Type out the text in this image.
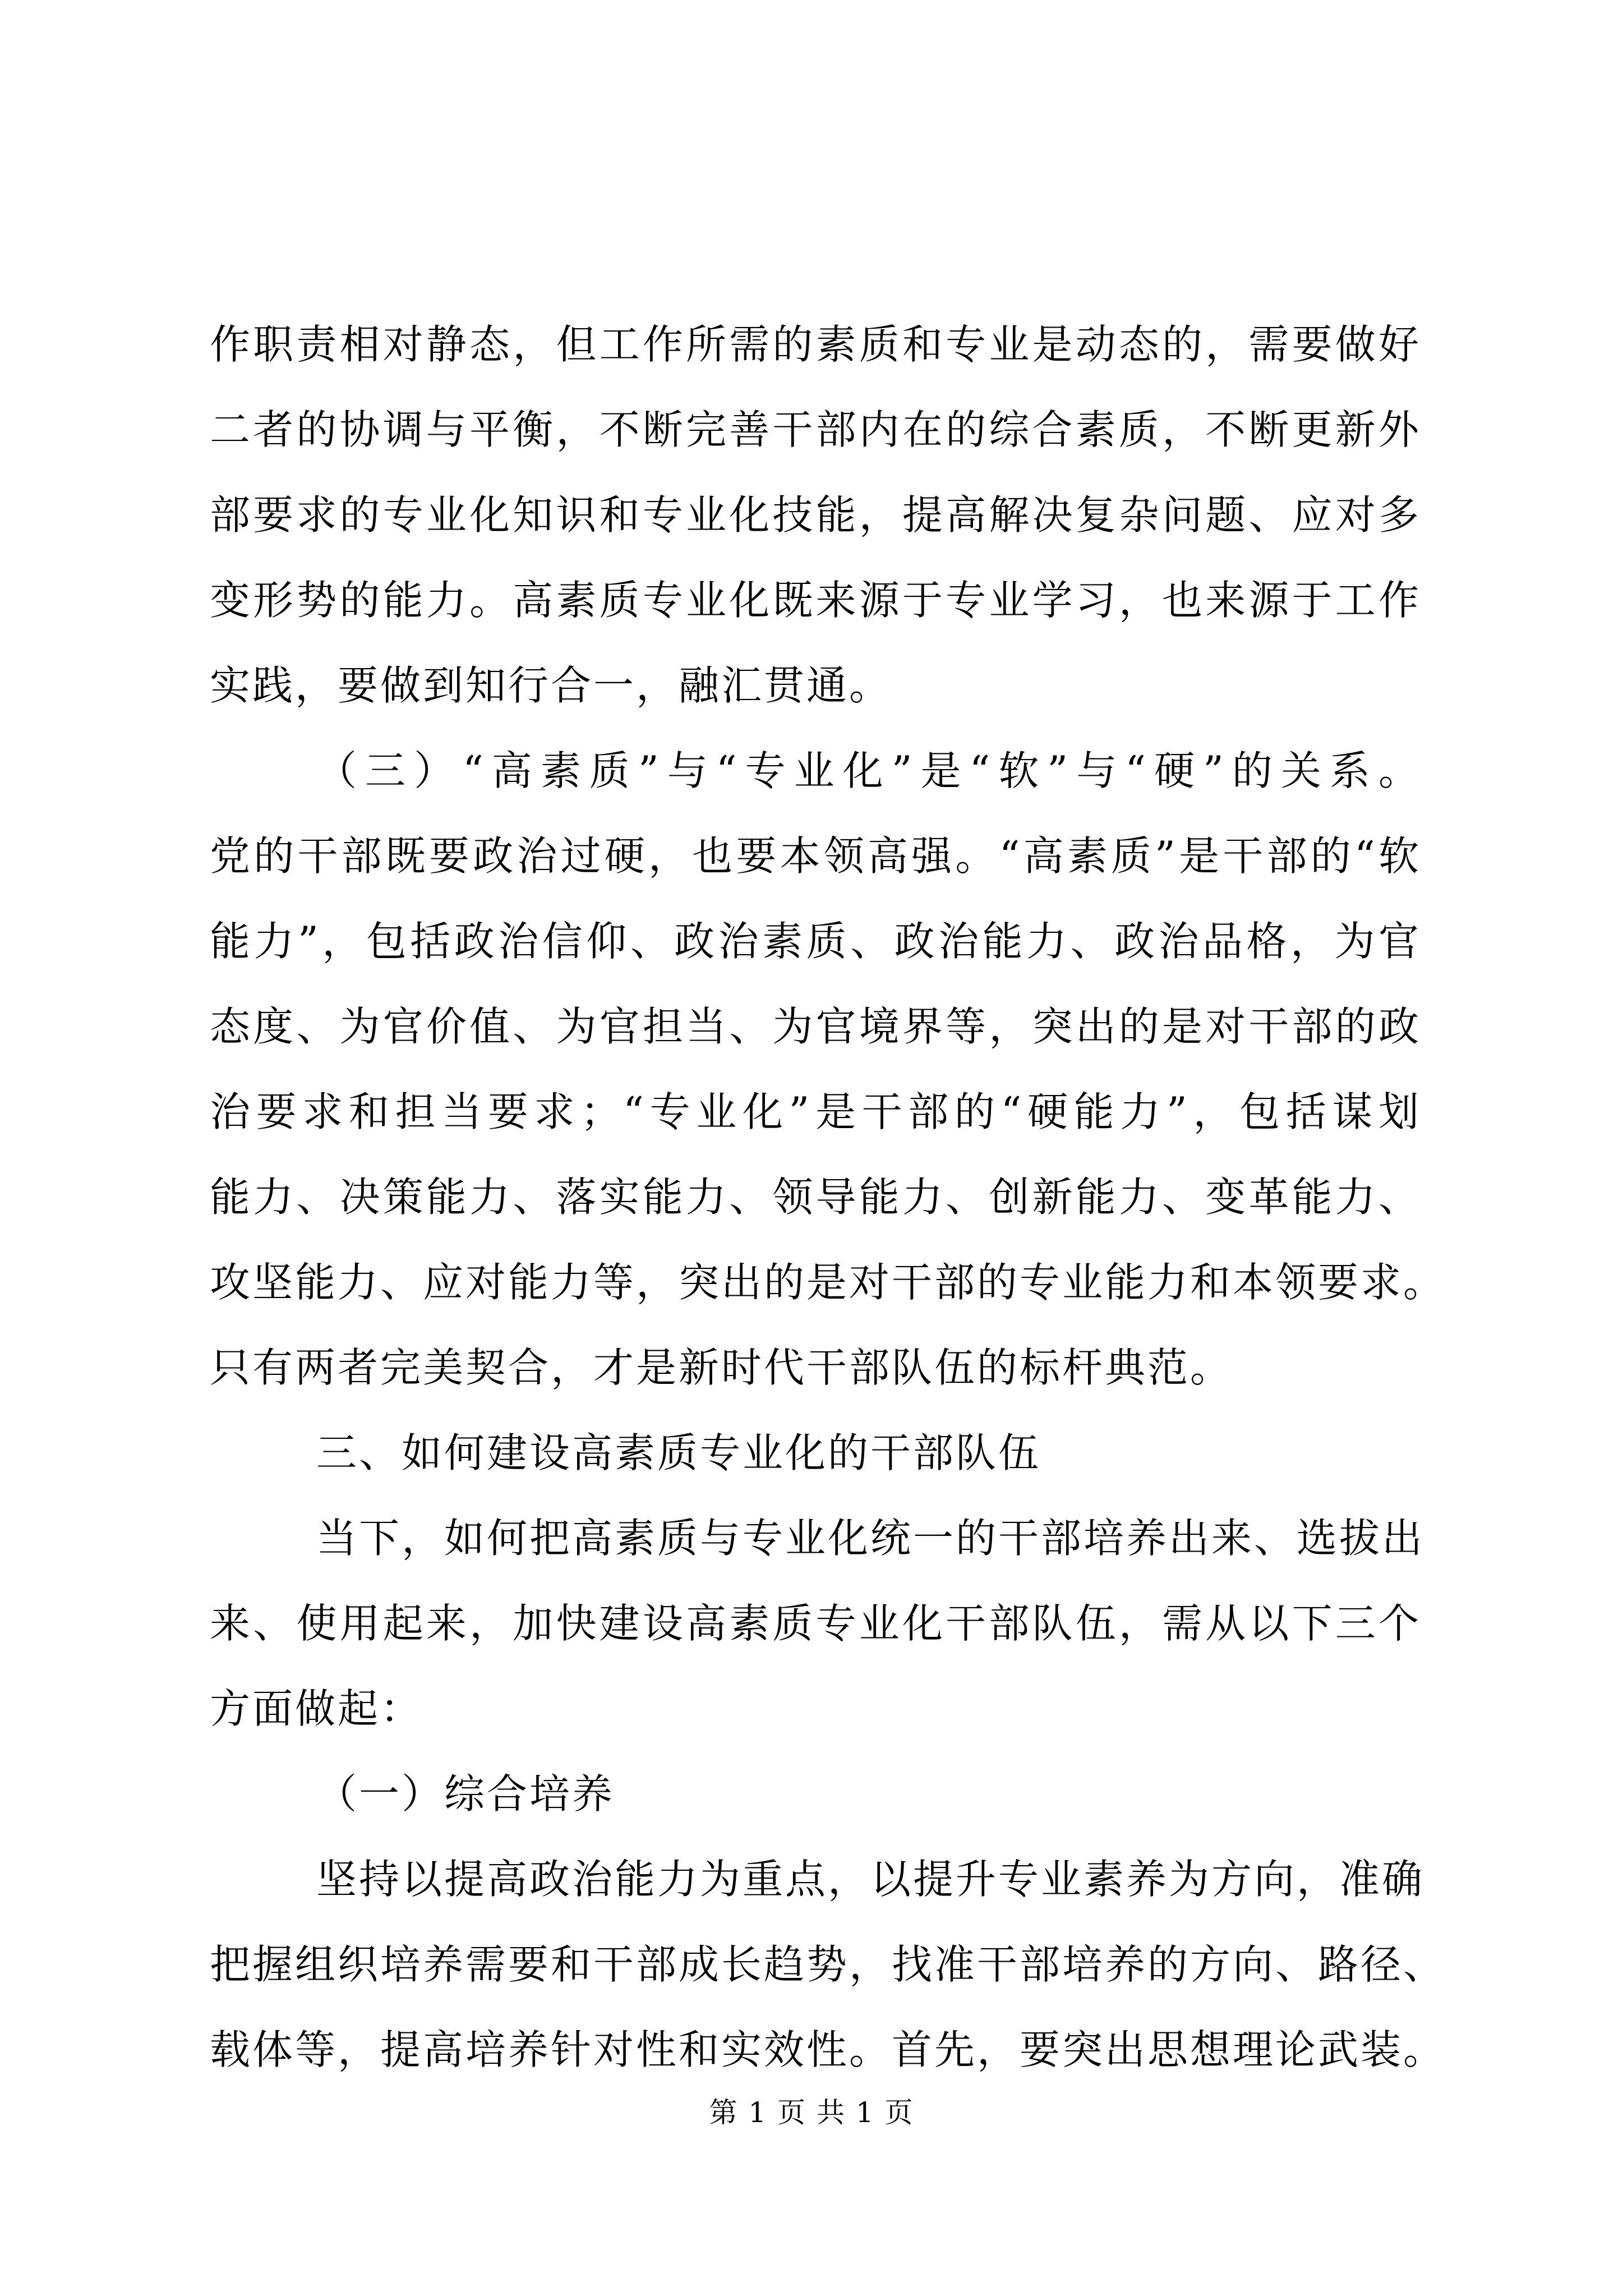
作职责相对静态，但工作所需的素质和专业是动态的，需要做好
二者的协调与平衡，不断完善干部内在的综合素质，不断更新外
部要求的专业化知识和专业化技能，提高解决复杂问题、应对多
变形势的能力。高素质专业化既来源于专业学习，也来源于工作
实践，要做到知行合一，融汇贯通。
（三）“高素质”与“专业化”是“软”与“硬”的关系。
党的干部既要政治过硬，也要本领高强。“高素质”是干部的“软
能力”，包括政治信仰、政治素质、政治能力、政治品格，为官
态度、为官价值、为官担当、为官境界等，突出的是对干部的政
治要求和担当要求；“专业化”是干部的“硬能力”，包括谋划
能力、决策能力、落实能力、领导能力、创新能力、变革能力、
攻坚能力、应对能力等，突出的是对干部的专业能力和本领要求。
只有两者完美契合，才是新时代干部队伍的标杆典范。
三、如何建设高素质专业化的干部队伍
当下，如何把高素质与专业化统一的干部培养出来、选拔出
来、使用起来，加快建设高素质专业化干部队伍，需从以下三个
方面做起：
（一）综合培养
坚持以提高政治能力为重点，以提升专业素养为方向，准确
把握组织培养需要和干部成长趋势，找准干部培养的方向、路径、
载体等，提高培养针对性和实效性。首先，要突出思想理论武装。
第 1 页 共 1 页
